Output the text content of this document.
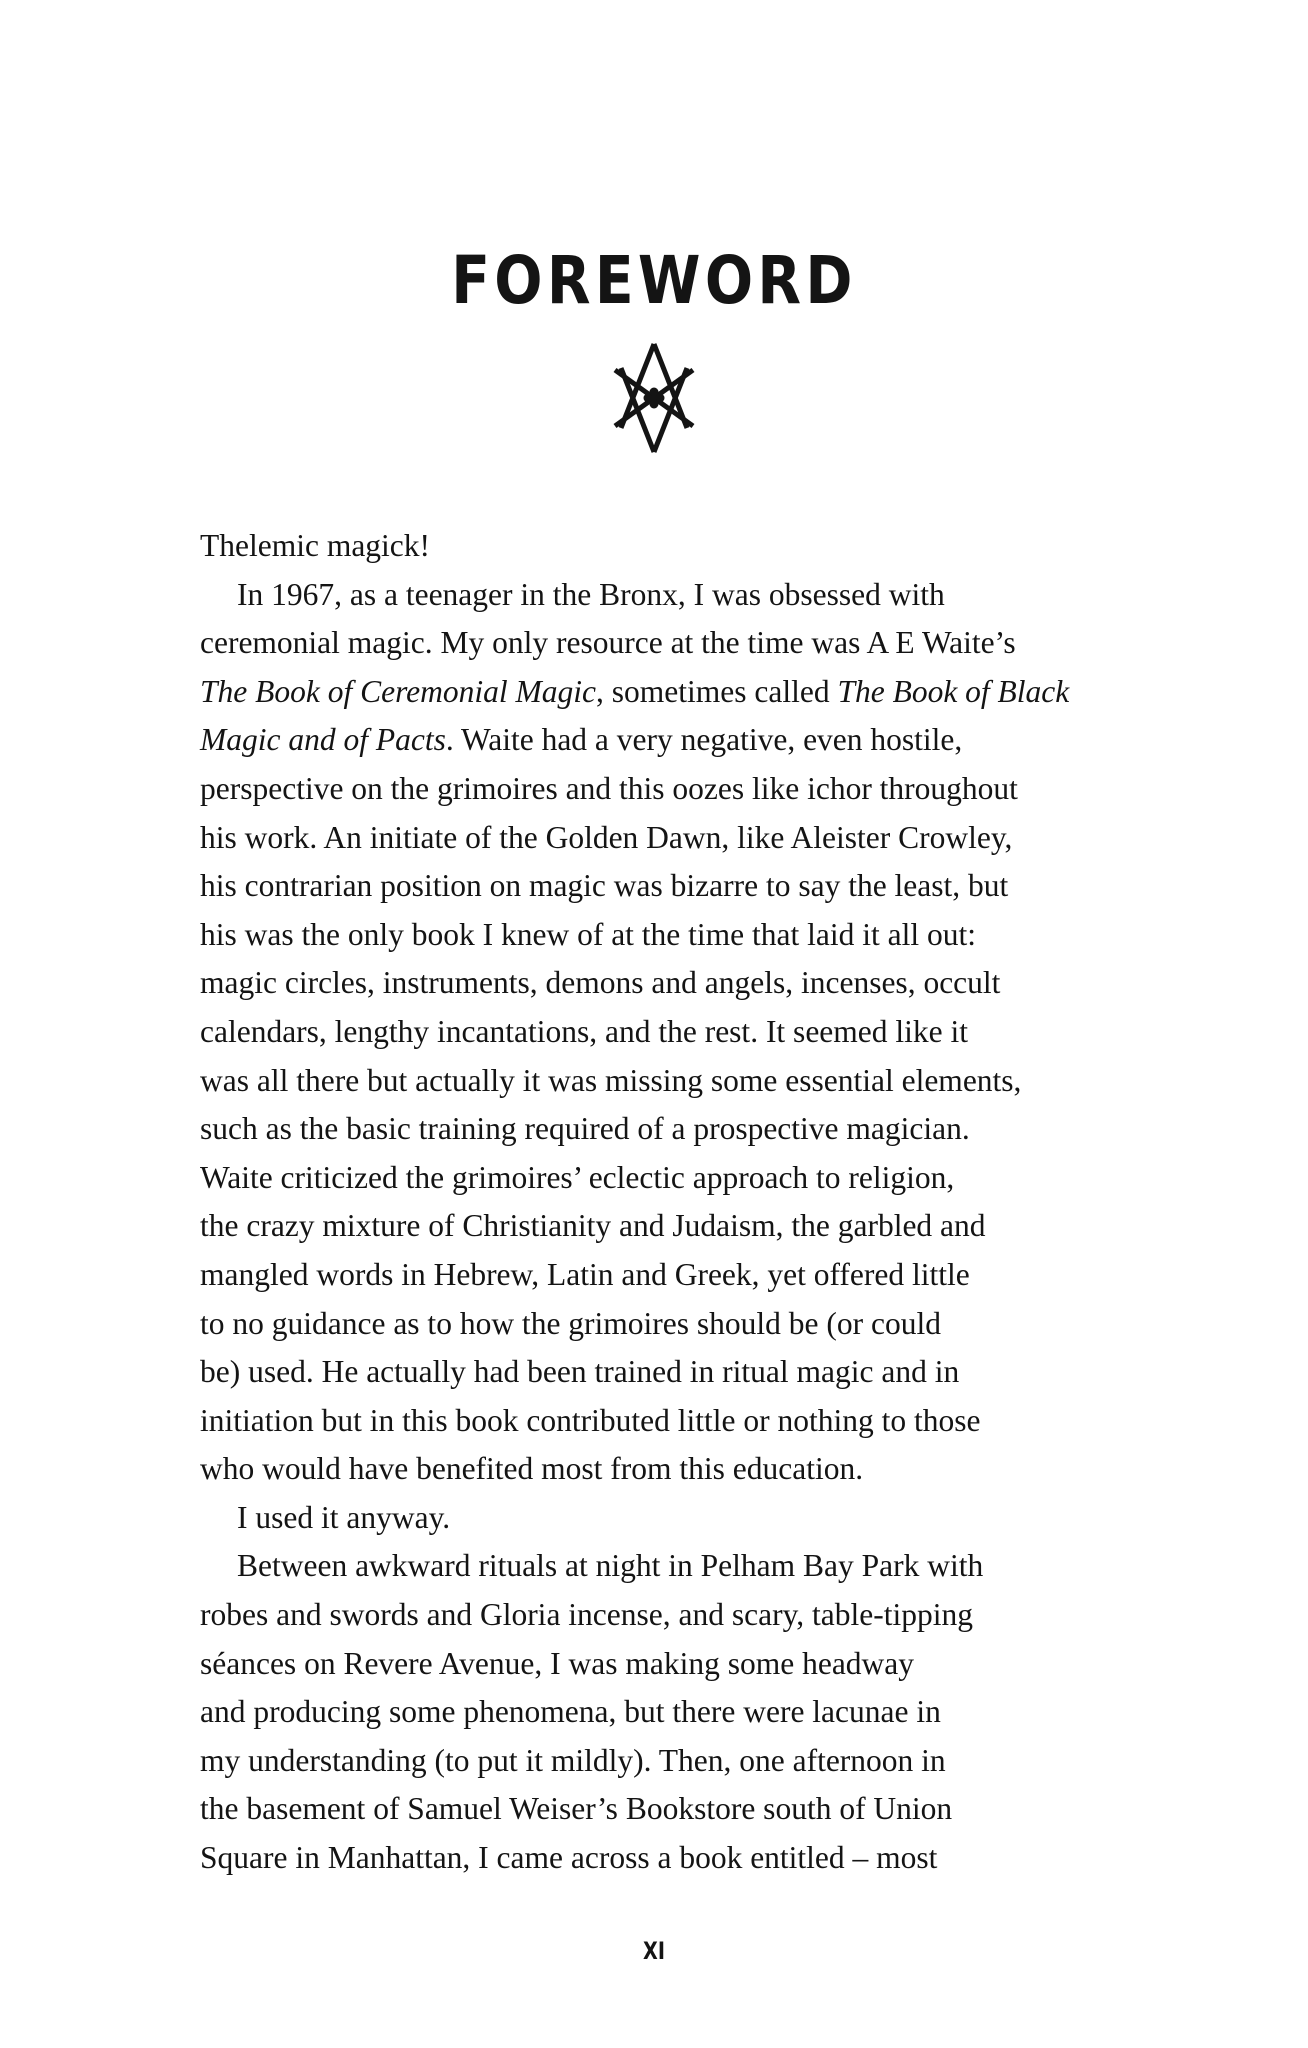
FOREWORD

Thelemic magick!

In 1967, as a teenager in the Bronx, I was obsessed with

ceremonial magic. My only resource at the time was A E Waite’s

The Book of Ceremonial Magic, sometimes called The Book of Black

Magic and of Pacts. Waite had a very negative, even hostile,

perspective on the grimoires and this oozes like ichor throughout

his work. An initiate of the Golden Dawn, like Aleister Crowley,

his contrarian position on magic was bizarre to say the least, but

his was the only book I knew of at the time that laid it all out:

magic circles, instruments, demons and angels, incenses, occult

calendars, lengthy incantations, and the rest. It seemed like it

was all there but actually it was missing some essential elements,

such as the basic training required of a prospective magician.

Waite criticized the grimoires’ eclectic approach to religion,

the crazy mixture of Christianity and Judaism, the garbled and

mangled words in Hebrew, Latin and Greek, yet offered little

to no guidance as to how the grimoires should be (or could

be) used. He actually had been trained in ritual magic and in

initiation but in this book contributed little or nothing to those

who would have benefited most from this education.

I used it anyway.

Between awkward rituals at night in Pelham Bay Park with

robes and swords and Gloria incense, and scary, table-tipping

séances on Revere Avenue, I was making some headway

and producing some phenomena, but there were lacunae in

my understanding (to put it mildly). Then, one afternoon in

the basement of Samuel Weiser’s Bookstore south of Union

Square in Manhattan, I came across a book entitled – most

XI
